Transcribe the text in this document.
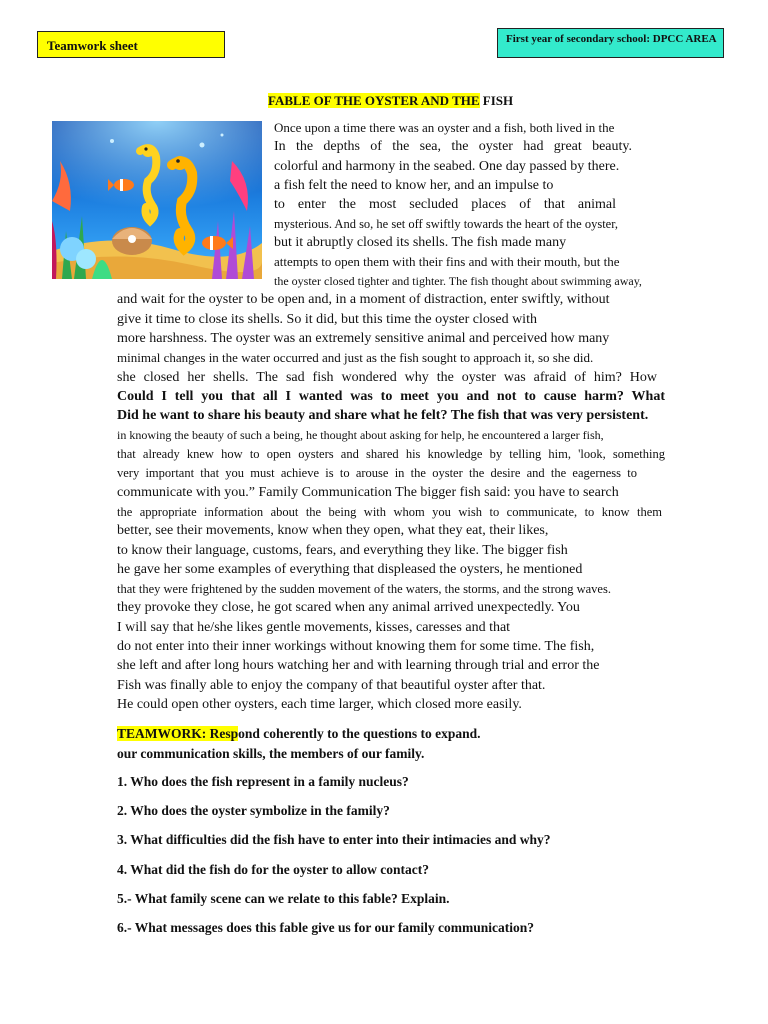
Teamwork sheet	First year of secondary school: DPCC AREA
FABLE OF THE OYSTER AND THE FISH
Once upon a time there was an oyster and a fish, both lived in the
In the depths of the sea, the oyster had great beauty.
colorful and harmony in the seabed. One day passed by there.
a fish felt the need to know her, and an impulse to
to enter the most secluded places of that animal
mysterious. And so, he set off swiftly towards the heart of the oyster,
but it abruptly closed its shells. The fish made many
attempts to open them with their fins and with their mouth, but the
the oyster closed tighter and tighter. The fish thought about swimming away,
and wait for the oyster to be open and, in a moment of distraction, enter swiftly, without
give it time to close its shells. So it did, but this time the oyster closed with
more harshness. The oyster was an extremely sensitive animal and perceived how many
minimal changes in the water occurred and just as the fish sought to approach it, so she did.
she closed her shells. The sad fish wondered why the oyster was afraid of him? How
Could I tell you that all I wanted was to meet you and not to cause harm? What
Did he want to share his beauty and share what he felt? The fish that was very persistent.
in knowing the beauty of such a being, he thought about asking for help, he encountered a larger fish,
that already knew how to open oysters and shared his knowledge by telling him, 'look, something
very important that you must achieve is to arouse in the oyster the desire and the eagerness to
communicate with you.” Family Communication The bigger fish said: you have to search
the appropriate information about the being with whom you wish to communicate, to know them
better, see their movements, know when they open, what they eat, their likes,
to know their language, customs, fears, and everything they like. The bigger fish
he gave her some examples of everything that displeased the oysters, he mentioned
that they were frightened by the sudden movement of the waters, the storms, and the strong waves.
they provoke they close, he got scared when any animal arrived unexpectedly. You
I will say that he/she likes gentle movements, kisses, caresses and that
do not enter into their inner workings without knowing them for some time. The fish,
she left and after long hours watching her and with learning through trial and error the
Fish was finally able to enjoy the company of that beautiful oyster after that.
He could open other oysters, each time larger, which closed more easily.
TEAMWORK: Respond coherently to the questions to expand.
our communication skills, the members of our family.
1. Who does the fish represent in a family nucleus?
2. Who does the oyster symbolize in the family?
3. What difficulties did the fish have to enter into their intimacies and why?
4. What did the fish do for the oyster to allow contact?
5.- What family scene can we relate to this fable? Explain.
6.- What messages does this fable give us for our family communication?
